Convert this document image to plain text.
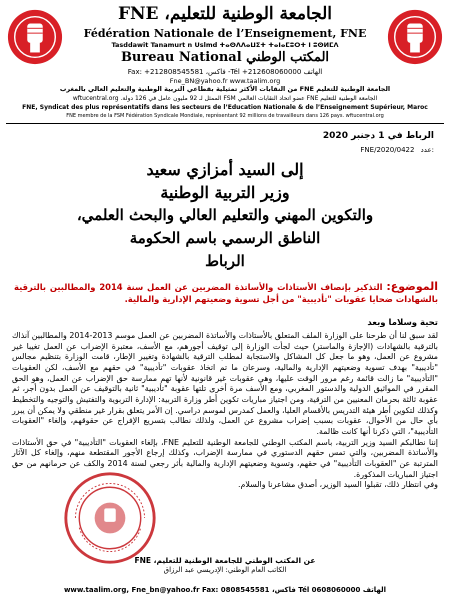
الجامعة الوطنية للتعليم، FNE
Fédération Nationale de l’Enseignement, FNE
Tasddawit Tanamurt n Uslmd ⵜⴰⵙⴷⴷⴰⵡⵉⵜ ⵜⴰⵏⴰⵎⵓⵔⵜ ⵏ ⵓⵙⵍⵎⴷ
Bureau National المكتب الوطني
Fax: +212808545581 ،فاكس -Tél +212608060000 الهاتف
Fne_BN@yahoo.fr www.taalim.org
الجامعة الوطنية للتعليم FNE من النقابات الأكثر تمثيلية بقطاعي التربية الوطنية والتعليم العالي بالمغرب
الجامعة الوطنية للتعليم FNE عضو اتحاد النقابات العالمي FSM الممثل لـ 92 مليون عامل في 126 دولة. wftucentral.org
FNE, Syndicat des plus représentatifs dans les secteurs de l’Education Nationale & de l’Enseignement Supérieur, Maroc
FNE membre de la FSM Fédération Syndicale Mondiale, représentant 92 millions de travailleurs dans 126 pays. wftucentral.org
الرباط في 1 دجنبر 2020
FNE/2020/0422 عدد:
إلى السيد أمزازي سعيد
وزير التربية الوطنية
والتكوين المهني والتعليم العالي والبحث العلمي،
الناطق الرسمي باسم الحكومة
الرباط
الموضوع: التذكير بإنصاف الأستاذات والأساتذة المضربين عن العمل سنة 2014 والمطالبين بالترقية بالشهادات ضحايا عقوبات "تأديبية" من أجل تسوية وضعيتهم الإدارية والمالية.
تحية وسلاما وبعد

لقد سبق لنا أن طرحنا على الوزارة الملف المتعلق بالأستاذات والأساتذة المضربين عن العمل موسم 2013-2014 والمطالبين آنذاك بالترقية بالشهادات (الإجازة والماستر) حيث لجأت الوزارة إلى توقيف أجورهم، مع الأسف، معتبرة الإضراب عن العمل تغيبا غير مشروع عن العمل، وهو ما جعل كل المشاكل والاستجابة لمطلب الترقية بالشهادة وتغيير الإطار، قامت الوزارة بتنظيم مجالس "تأديبية" بهدف تسوية وضعيتهم الإدارية والمالية، وسرعان ما تم اتخاذ عقوبات "تأديبية" في حقهم مع الأسف، لكن العقوبات "التأديبية" ما زالت قائمة رغم مرور الوقت عليها، وهي عقوبات غير قانونية لأنها تهم ممارسة حق الإضراب عن العمل، وهو الحق المقرر في المواثيق الدولية والدستور المغربي، ومع الأسف مرة أخرى تلتها عقوبة "تأديبية" ثانية بالتوقيف عن العمل بدون أجر، ثم عقوبة ثالثة بحرمان المعنيين من الترقية، ومن اجتياز مباريات تكوين أطر وزارة التربية: الإدارة التربوية والتفتيش والتوجيه والتخطيط وكذلك لتكوين أطر هيئة التدريس بالأقسام العليا، والعمل كمدرس لموسم دراسي. إن الأمر يتعلق بقرار غير منطقي ولا يمكن أن يبرر بأي حال من الأحوال، عقوبات بسبب إضراب مشروع عن العمل، ولذلك نطالب بتسريع الإفراج عن حقوقهم، وإلغاء "العقوبات التأديبية"، التي ذكرنا أنها كانت ظالمة.

إننا نطالبكم السيد وزير التربية، باسم المكتب الوطني للجامعة الوطنية للتعليم FNE، بإلغاء العقوبات "التأديبية" في حق الأستاذات والأساتذة المضربين، والتي تمس حقهم الدستوري في ممارسة الإضراب، وكذلك إرجاع الأجور المقتطعة منهم، وإلغاء كل الآثار المترتبة عن "العقوبات التأديبية" في حقهم، وتسوية وضعيتهم الإدارية والمالية بأثر رجعي لسنة 2014 والكف عن حرمانهم من حق اجتياز المباريات المذكورة.

وفي انتظار ذلك، تقبلوا السيد الوزير، أصدق مشاعرنا والسلام.

عن المكتب الوطني للجامعة الوطنية للتعليم، FNE
الكاتب العام الوطني: الإدريسي عبد الرزاق
www.taalim.org, Fne_bn@yahoo.fr Fax: 0808545581 ،فاكس Tél 0608060000 الهاتف
